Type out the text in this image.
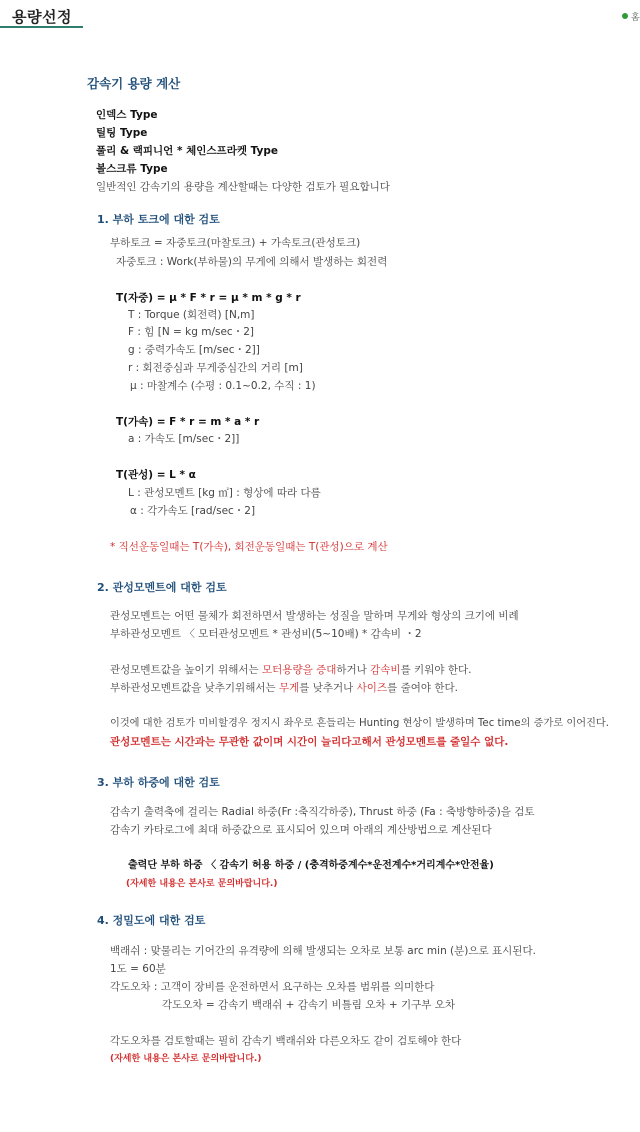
용량선정	홈
감속기 용량 계산
인덱스 Type
틸팅 Type
풀리 & 랙피니언 * 체인스프라켓 Type
볼스크류 Type
일반적인 감속기의 용량을 계산할때는 다양한 검토가 필요합니다
1. 부하 토크에 대한 검토
부하토크 = 자중토크(마찰토크) + 가속토크(관성토크)
자중토크 : Work(부하물)의 무게에 의해서 발생하는 회전력
T(자중) = μ * F * r = μ * m * g * r
T : Torque (회전력) [N,m]
F : 힘 [N = kg m/sec・2]
g : 중력가속도 [m/sec・2]]
r : 회전중심과 무게중심간의 거리 [m]
μ : 마찰계수 (수평 : 0.1~0.2, 수직 : 1)
T(가속) = F * r = m * a * r
a : 가속도 [m/sec・2]]
T(관성) = L * α
L : 관성모멘트 [kg ㎡] : 형상에 따라 다름
α : 각가속도 [rad/sec・2]
* 직선운동일때는 T(가속), 회전운동일때는 T(관성)으로 계산
2. 관성모멘트에 대한 검토
관성모멘트는 어떤 물체가 회전하면서 발생하는 성질을 말하며 무게와 형상의 크기에 비례
부하관성모멘트 〈 모터관성모멘트 * 관성비(5~10배) * 감속비 ・2
관성모멘트값을 높이기 위해서는 모터용량을 증대하거나 감속비를 키워야 한다.
부하관성모멘트값을 낮추기위해서는 무게를 낮추거나 사이즈를 줄여야 한다.
이것에 대한 검토가 미비할경우 정지시 좌우로 흔들리는 Hunting 현상이 발생하며 Tec time의 증가로 이어진다.
관성모멘트는 시간과는 무관한 값이며 시간이 늘리다고해서 관성모멘트를 줄일수 없다.
3. 부하 하중에 대한 검토
감속기 출력축에 걸리는 Radial 하중(Fr :축직각하중), Thrust 하중 (Fa : 축방향하중)을 검토
감속기 카타로그에 최대 하중값으로 표시되어 있으며 아래의 계산방법으로 계산된다
출력단 부하 하중 〈 감속기 허용 하중 / (충격하중계수*운전계수*거리계수*안전율)
(자세한 내용은 본사로 문의바랍니다.)
4. 정밀도에 대한 검토
백래쉬 : 맞물리는 기어간의 유격량에 의해 발생되는 오차로 보통 arc min (분)으로 표시된다.
1도 = 60분
각도오차 : 고객이 장비를 운전하면서 요구하는 오차를 범위를 의미한다
각도오차 = 감속기 백래쉬 + 감속기 비틀림 오차 + 기구부 오차
각도오차를 검토할때는 필히 감속기 백래쉬와 다른오차도 같이 검토해야 한다
(자세한 내용은 본사로 문의바랍니다.)
